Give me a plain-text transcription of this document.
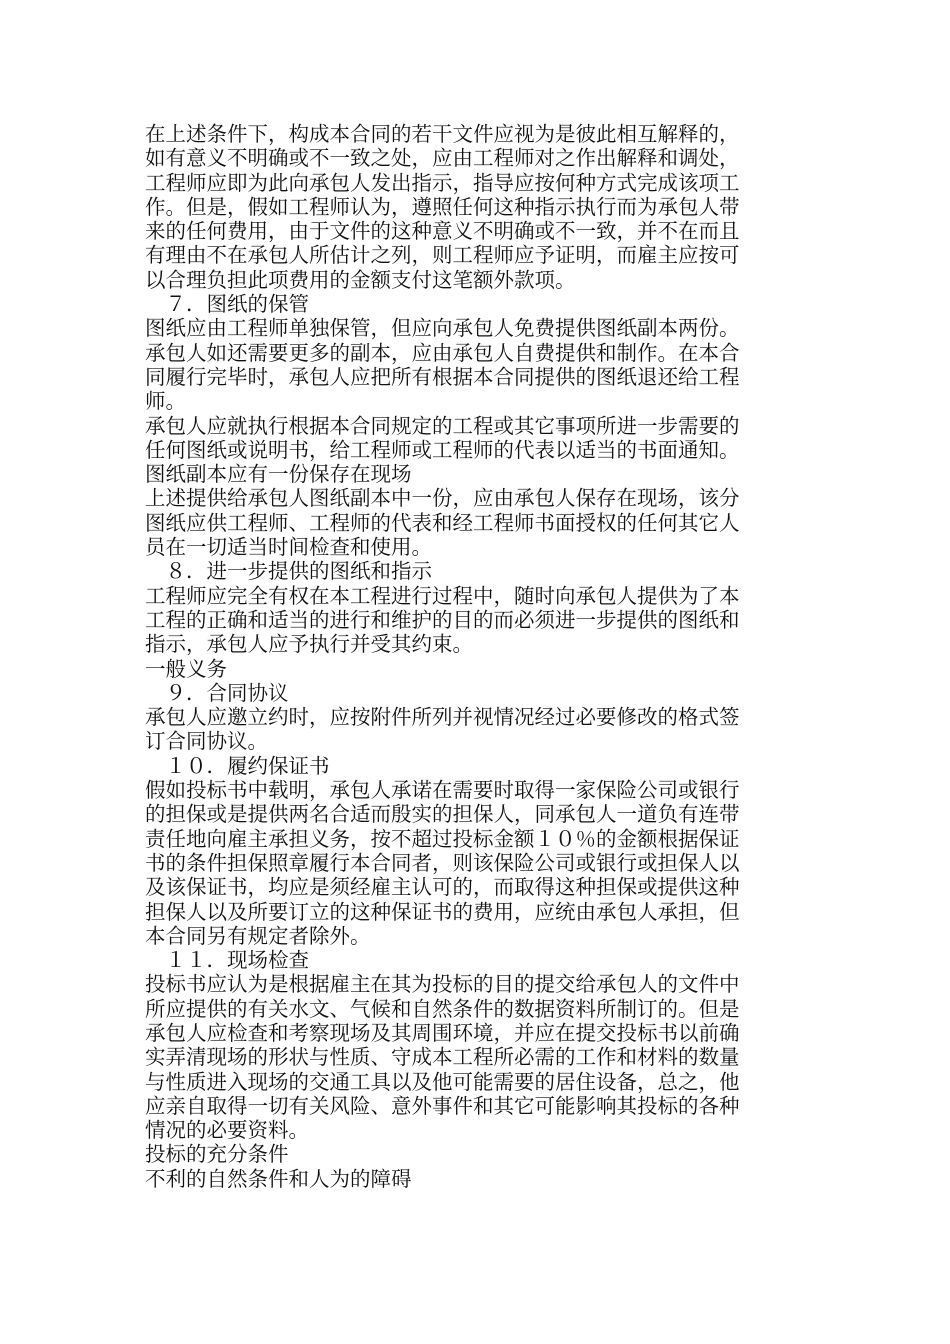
在上述条件下，构成本合同的若干文件应视为是彼此相互解释的，
如有意义不明确或不一致之处，应由工程师对之作出解释和调处，
工程师应即为此向承包人发出指示，指导应按何种方式完成该项工
作。但是，假如工程师认为，遵照任何这种指示执行而为承包人带
来的任何费用，由于文件的这种意义不明确或不一致，并不在而且
有理由不在承包人所估计之列，则工程师应予证明，而雇主应按可
以合理负担此项费用的金额支付这笔额外款项。
　７．图纸的保管
图纸应由工程师单独保管，但应向承包人免费提供图纸副本两份。
承包人如还需要更多的副本，应由承包人自费提供和制作。在本合
同履行完毕时，承包人应把所有根据本合同提供的图纸退还给工程
师。
承包人应就执行根据本合同规定的工程或其它事项所进一步需要的
任何图纸或说明书，给工程师或工程师的代表以适当的书面通知。
图纸副本应有一份保存在现场
上述提供给承包人图纸副本中一份，应由承包人保存在现场，该分
图纸应供工程师、工程师的代表和经工程师书面授权的任何其它人
员在一切适当时间检查和使用。
　８．进一步提供的图纸和指示
工程师应完全有权在本工程进行过程中，随时向承包人提供为了本
工程的正确和适当的进行和维护的目的而必须进一步提供的图纸和
指示，承包人应予执行并受其约束。
一般义务
　９．合同协议
承包人应邀立约时，应按附件所列并视情况经过必要修改的格式签
订合同协议。
　１０．履约保证书
假如投标书中载明，承包人承诺在需要时取得一家保险公司或银行
的担保或是提供两名合适而殷实的担保人，同承包人一道负有连带
责任地向雇主承担义务，按不超过投标金额１０％的金额根据保证
书的条件担保照章履行本合同者，则该保险公司或银行或担保人以
及该保证书，均应是须经雇主认可的，而取得这种担保或提供这种
担保人以及所要订立的这种保证书的费用，应统由承包人承担，但
本合同另有规定者除外。
　１１．现场检查
投标书应认为是根据雇主在其为投标的目的提交给承包人的文件中
所应提供的有关水文、气候和自然条件的数据资料所制订的。但是
承包人应检查和考察现场及其周围环境，并应在提交投标书以前确
实弄清现场的形状与性质、守成本工程所必需的工作和材料的数量
与性质进入现场的交通工具以及他可能需要的居住设备，总之，他
应亲自取得一切有关风险、意外事件和其它可能影响其投标的各种
情况的必要资料。
投标的充分条件
不利的自然条件和人为的障碍
